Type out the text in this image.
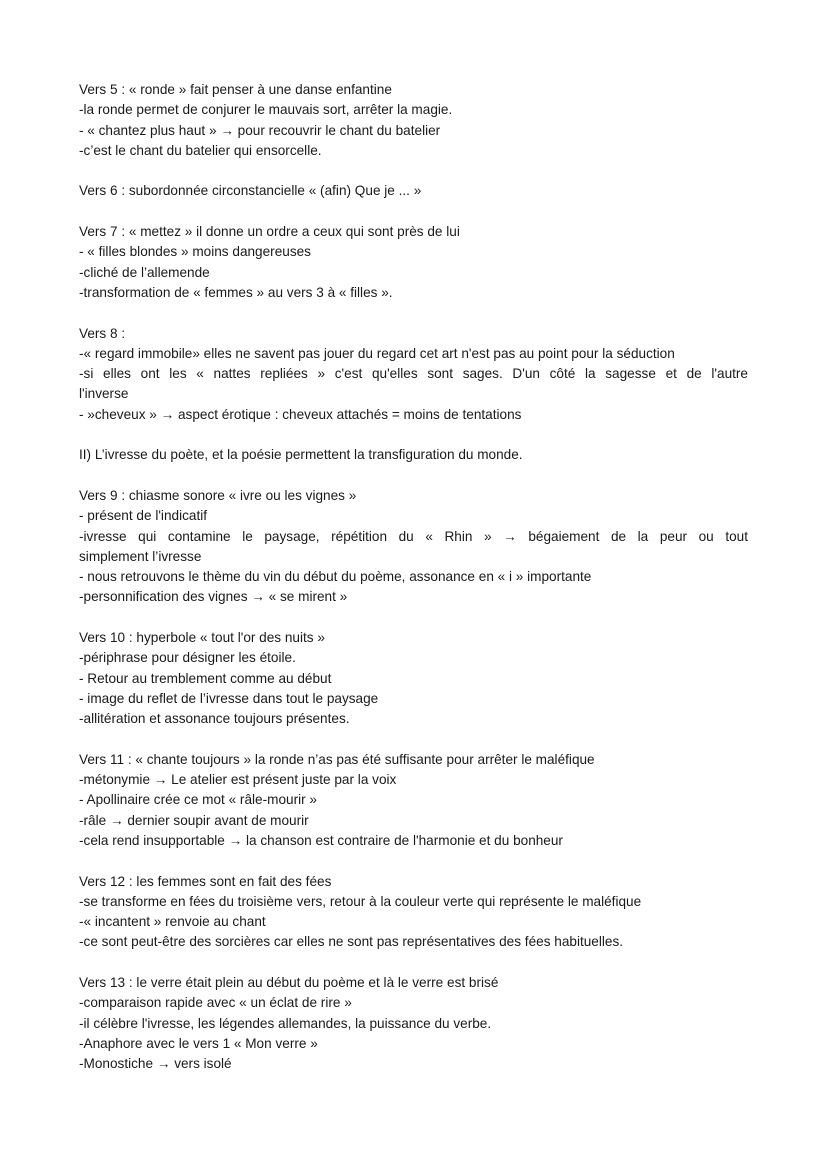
Vers 5 : « ronde » fait penser à une danse enfantine
-la ronde permet de conjurer le mauvais sort, arrêter la magie.
- « chantez plus haut » → pour recouvrir le chant du batelier
-c’est le chant du batelier qui ensorcelle.
Vers 6 : subordonnée circonstancielle « (afin) Que je ... »
Vers 7 : « mettez » il donne un ordre a ceux qui sont près de lui
- « filles blondes » moins dangereuses
-cliché de l’allemende
-transformation de « femmes » au vers 3 à « filles ».
Vers 8 :
-« regard immobile» elles ne savent pas jouer du regard cet art n'est pas au point pour la séduction
-si elles ont les « nattes repliées » c'est qu'elles sont sages. D'un côté la sagesse et de l'autre
l'inverse
- »cheveux » → aspect érotique : cheveux attachés = moins de tentations
II) L’ivresse du poète, et la poésie permettent la transfiguration du monde.
Vers 9 : chiasme sonore « ivre ou les vignes »
- présent de l'indicatif
-ivresse qui contamine le paysage, répétition du « Rhin » → bégaiement de la peur ou tout
simplement l’ivresse
- nous retrouvons le thème du vin du début du poème, assonance en « i » importante
-personnification des vignes → « se mirent »
Vers 10 : hyperbole « tout l'or des nuits »
-périphrase pour désigner les étoile.
- Retour au tremblement comme au début
- image du reflet de l’ivresse dans tout le paysage
-allitération et assonance toujours présentes.
Vers 11 : « chante toujours » la ronde n’as pas été suffisante pour arrêter le maléfique
-métonymie → Le atelier est présent juste par la voix
- Apollinaire crée ce mot « râle-mourir »
-râle → dernier soupir avant de mourir
-cela rend insupportable → la chanson est contraire de l'harmonie et du bonheur
Vers 12 : les femmes sont en fait des fées
-se transforme en fées du troisième vers, retour à la couleur verte qui représente le maléfique
-« incantent » renvoie au chant
-ce sont peut-être des sorcières car elles ne sont pas représentatives des fées habituelles.
Vers 13 : le verre était plein au début du poème et là le verre est brisé
-comparaison rapide avec « un éclat de rire »
-il célèbre l'ivresse, les légendes allemandes, la puissance du verbe.
-Anaphore avec le vers 1 « Mon verre »
-Monostiche → vers isolé
